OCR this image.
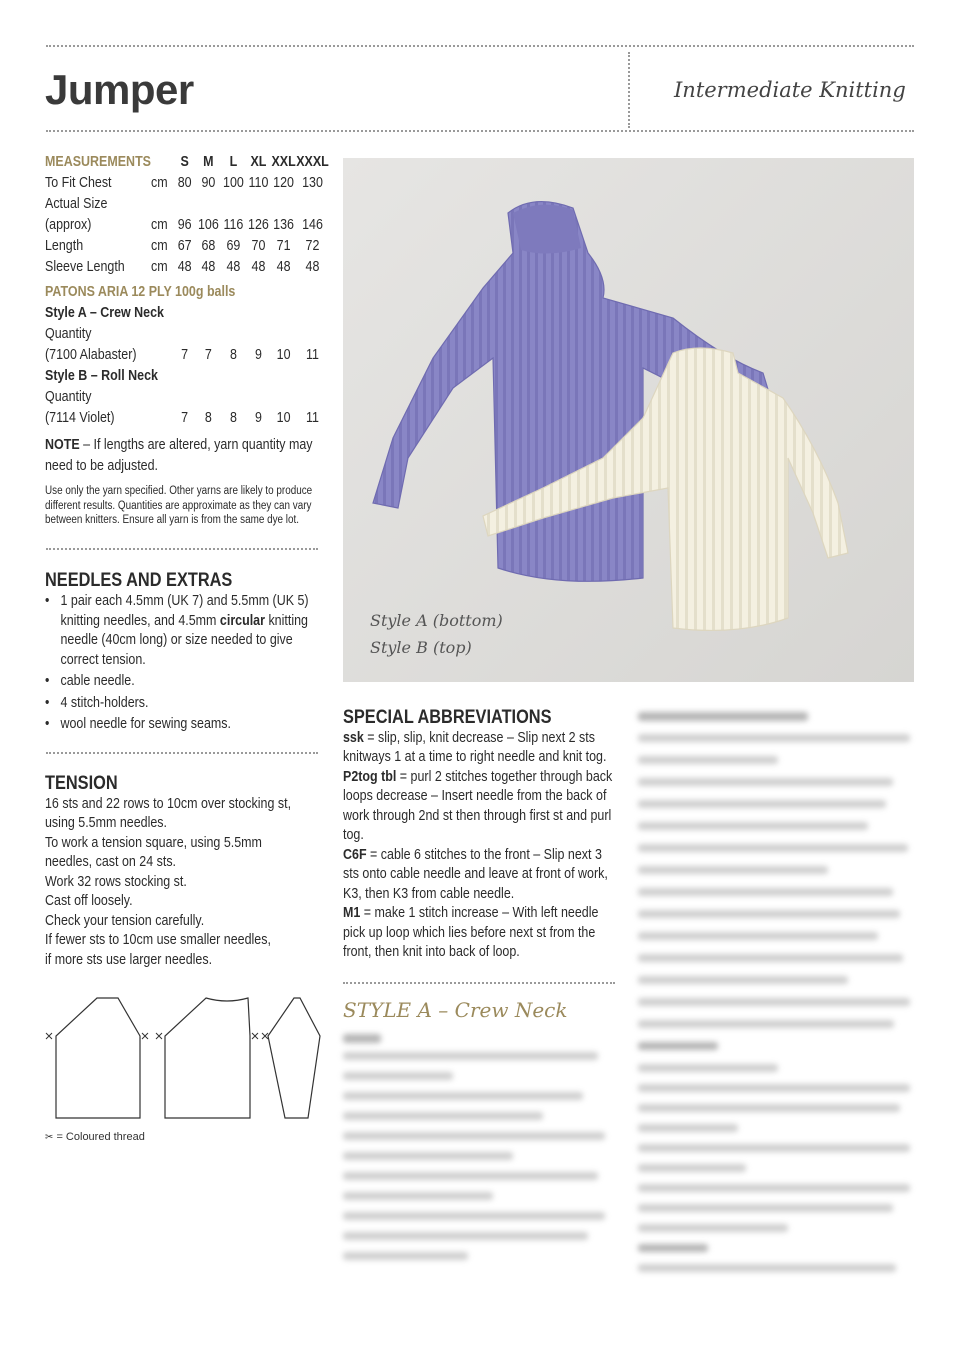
Jumper	Intermediate Knitting
MEASUREMENTS		S	M	L	XL	XXL	XXXL
To Fit Chest	cm	80	90	100	110	120	130
Actual Size							
(approx)	cm	96	106	116	126	136	146
Length	cm	67	68	69	70	71	72
Sleeve Length	cm	48	48	48	48	48	48
PATONS ARIA 12 PLY 100g balls							
Style A – Crew Neck							
Quantity							
(7100 Alabaster)		7	7	8	9	10	11
Style B – Roll Neck							
Quantity							
(7114 Violet)		7	8	8	9	10	11
NOTE – If lengths are altered, yarn quantity may need to be adjusted.
Use only the yarn specified. Other yarns are likely to produce different results. Quantities are approximate as they can vary between knitters. Ensure all yarn is from the same dye lot.
NEEDLES AND EXTRAS
• 1 pair each 4.5mm (UK 7) and 5.5mm (UK 5) knitting needles, and 4.5mm circular knitting needle (40cm long) or size needed to give correct tension.
• cable needle.
• 4 stitch-holders.
• wool needle for sewing seams.
TENSION
16 sts and 22 rows to 10cm over stocking st,
using 5.5mm needles.
To work a tension square, using 5.5mm
needles, cast on 24 sts.
Work 32 rows stocking st.
Cast off loosely.
Check your tension carefully.
If fewer sts to 10cm use smaller needles,
if more sts use larger needles.
✂ = Coloured thread
Style A (bottom)
Style B (top)
SPECIAL ABBREVIATIONS
ssk = slip, slip, knit decrease – Slip next 2 sts knitways 1 at a time to right needle and knit tog.
P2tog tbl = purl 2 stitches together through back loops decrease – Insert needle from the back of work through 2nd st then through first st and purl tog.
C6F = cable 6 stitches to the front – Slip next 3 sts onto cable needle and leave at front of work, K3, then K3 from cable needle.
M1 = make 1 stitch increase – With left needle pick up loop which lies before next st from the front, then knit into back of loop.
STYLE A – Crew Neck
